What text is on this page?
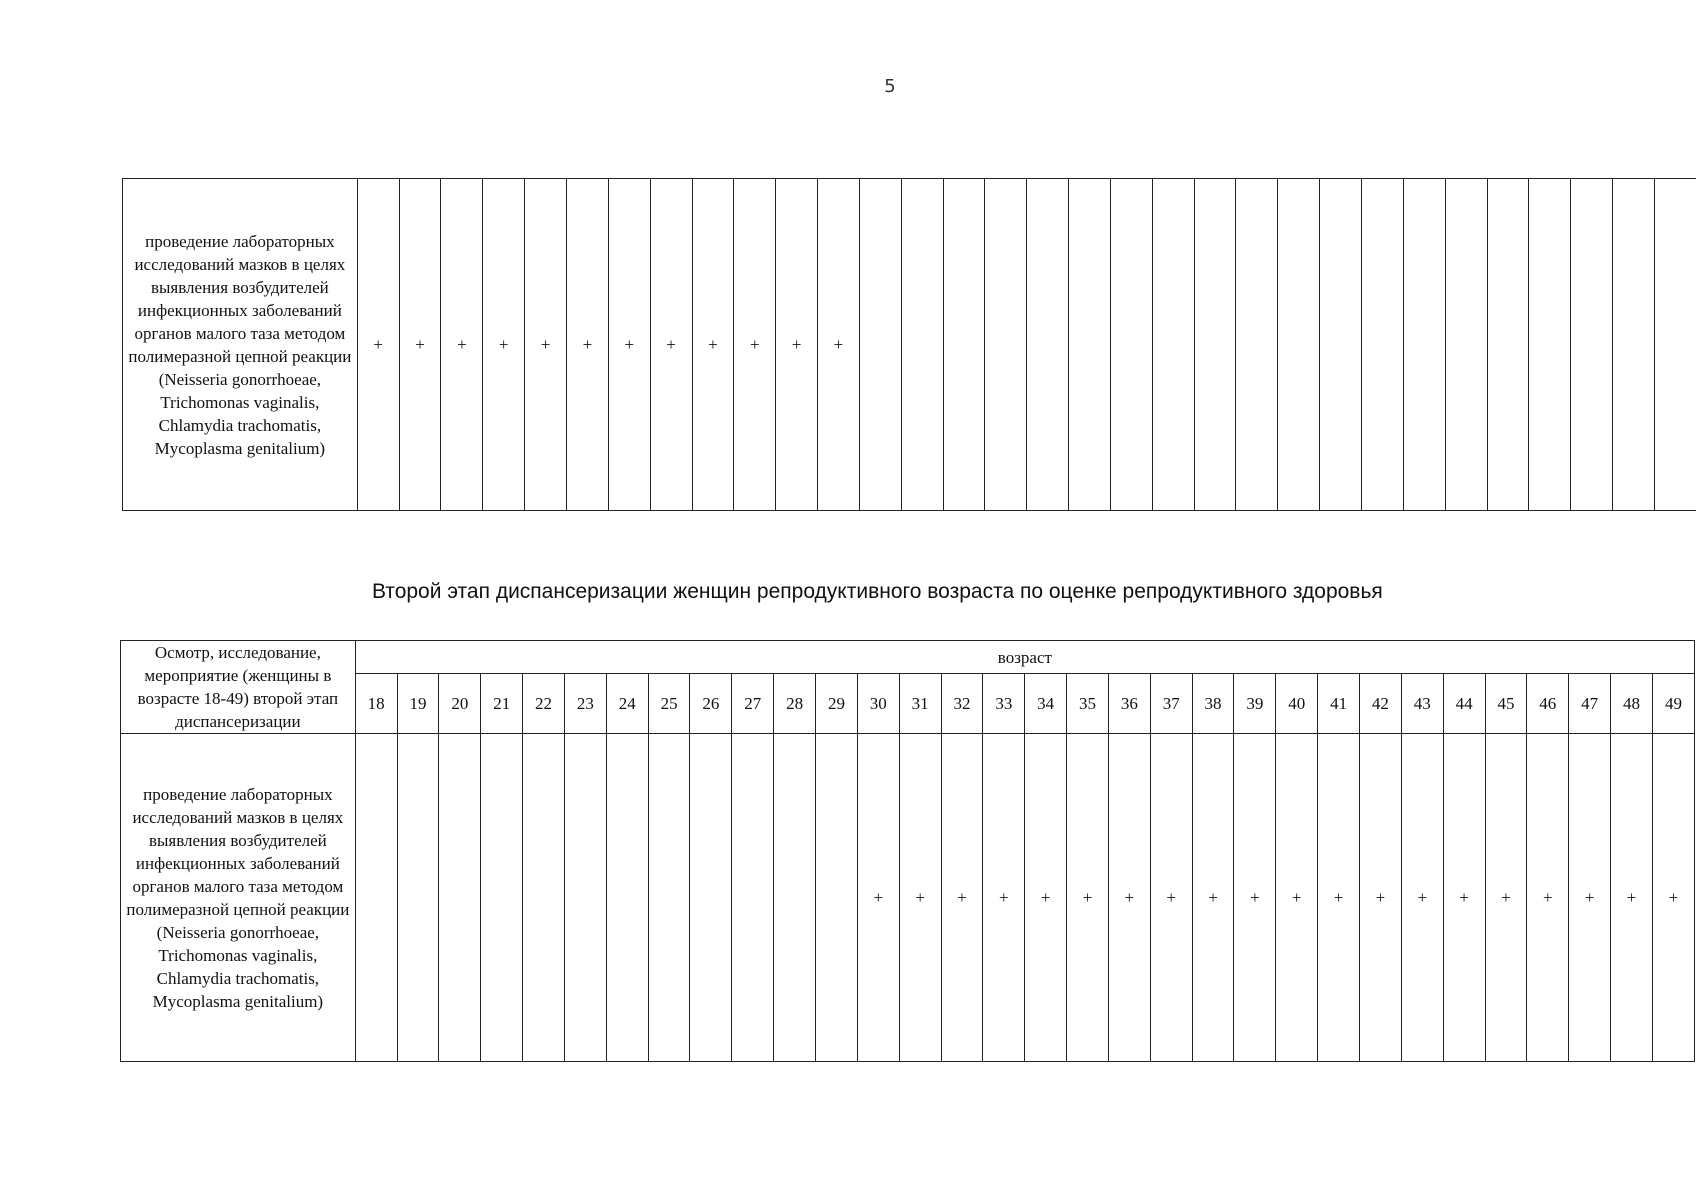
5
проведение лабораторных исследований мазков в целях выявления возбудителей инфекционных заболеваний органов малого таза методом полимеразной цепной реакции (Neisseria gonorrhoeae, Trichomonas vaginalis, Chlamydia trachomatis, Mycoplasma genitalium)	+	+	+	+	+	+	+	+	+	+	+	+																				
Второй этап диспансеризации женщин репродуктивного возраста по оценке репродуктивного здоровья
Осмотр, исследование, мероприятие (женщины в возрасте 18-49) второй этап диспансеризации	возраст																															
	18	19	20	21	22	23	24	25	26	27	28	29	30	31	32	33	34	35	36	37	38	39	40	41	42	43	44	45	46	47	48	49
проведение лабораторных исследований мазков в целях выявления возбудителей инфекционных заболеваний органов малого таза методом полимеразной цепной реакции (Neisseria gonorrhoeae, Trichomonas vaginalis, Chlamydia trachomatis, Mycoplasma genitalium)													+	+	+	+	+	+	+	+	+	+	+	+	+	+	+	+	+	+	+	+
